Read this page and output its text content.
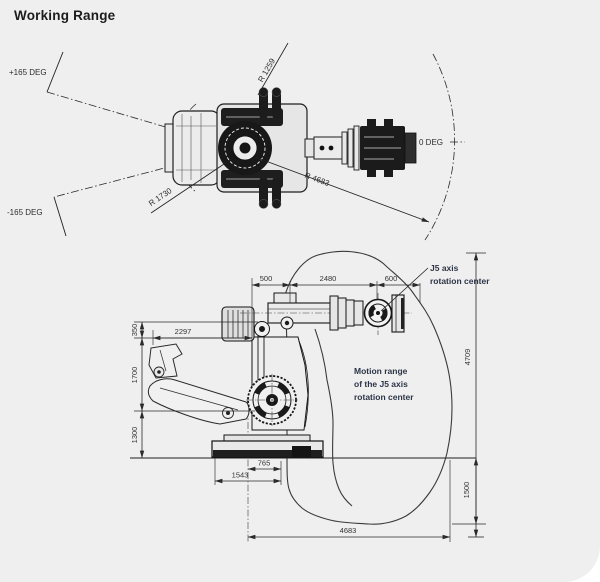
Working Range
R 1259
R 1730
R 4683
+165 DEG
-165 DEG
0 DEG
500	2480	600
2297
350
1700
1300
765
1543
4683
4709
1500
J5 axis
rotation center
Motion range
of the J5 axis
rotation center
